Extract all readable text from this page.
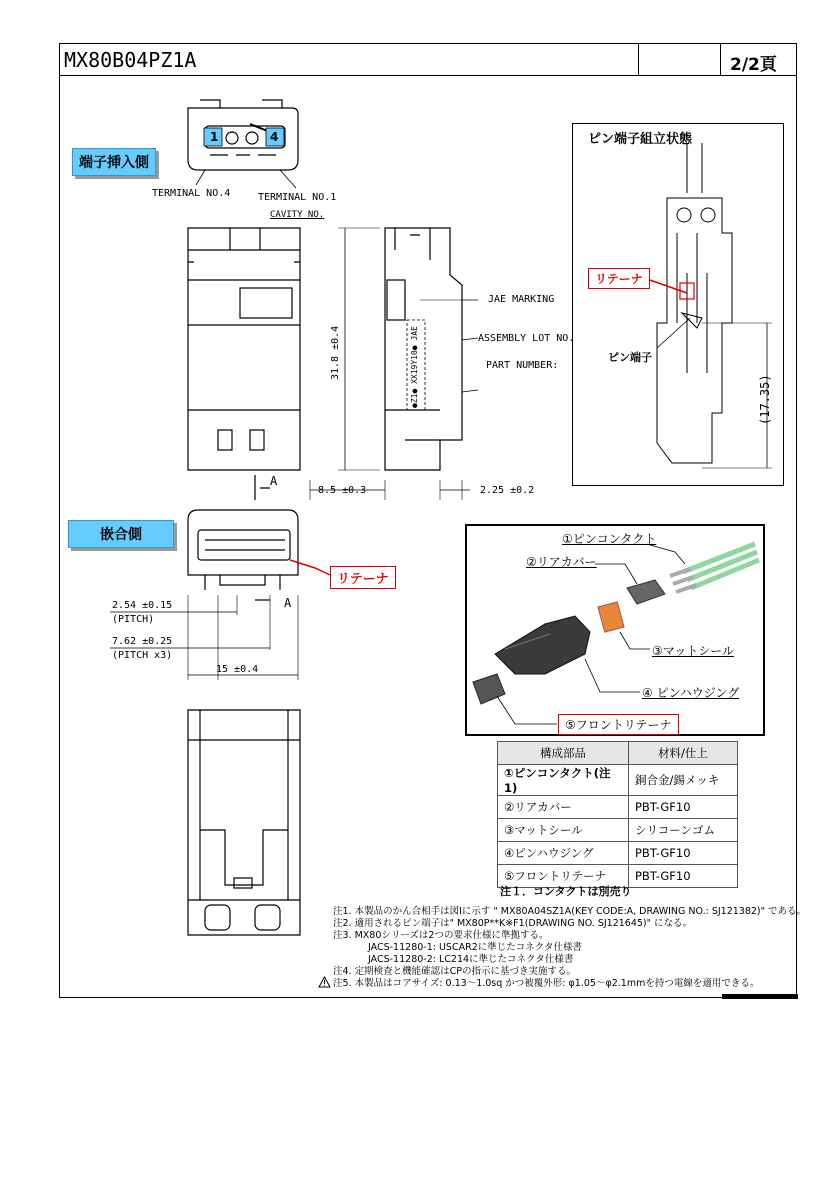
MX80B04PZ1A	2/2頁
端子挿入側
嵌合側
1	4
TERMINAL NO.4	TERMINAL NO.1
CAVITY NO.
31.8 ±0.4
●Z1● XX19Y10● JAE
JAE MARKING
ASSEMBLY LOT NO.
PART NUMBER:
8.5 ±0.3	2.25 ±0.2
A
A
リテーナ
2.54 ±0.15
(PITCH)
7.62 ±0.25
(PITCH x3)
15 ±0.4
ピン端子組立状態
リテーナ
ピン端子
(17.35)
①ピンコンタクト
②リアカバー
③マットシール
④ ピンハウジング
⑤フロントリテーナ
構成部品	材料/仕上
①ピンコンタクト(注1)	銅合金/錫メッキ
②リアカバー	PBT-GF10
③マットシール	シリコーンゴム
④ピンハウジング	PBT-GF10
⑤フロントリテーナ	PBT-GF10
注１．コンタクトは別売り
注1. 本製品のかん合相手は図Iに示す " MX80A04SZ1A(KEY CODE:A, DRAWING NO.: SJ121382)" である。
注2. 適用されるピン端子は" MX80P**K※F1(DRAWING NO. SJ121645)" になる。
注3. MX80シリーズは2つの要求仕様に準拠する。
JACS-11280-1: USCAR2に準じたコネクタ仕様書
JACS-11280-2: LC214に準じたコネクタ仕様書
注4. 定期検査と機能確認はCPの指示に基づき実施する。
注5. 本製品はコアサイズ: 0.13～1.0sq かつ被覆外形: φ1.05～φ2.1mmを持つ電線を適用できる。
